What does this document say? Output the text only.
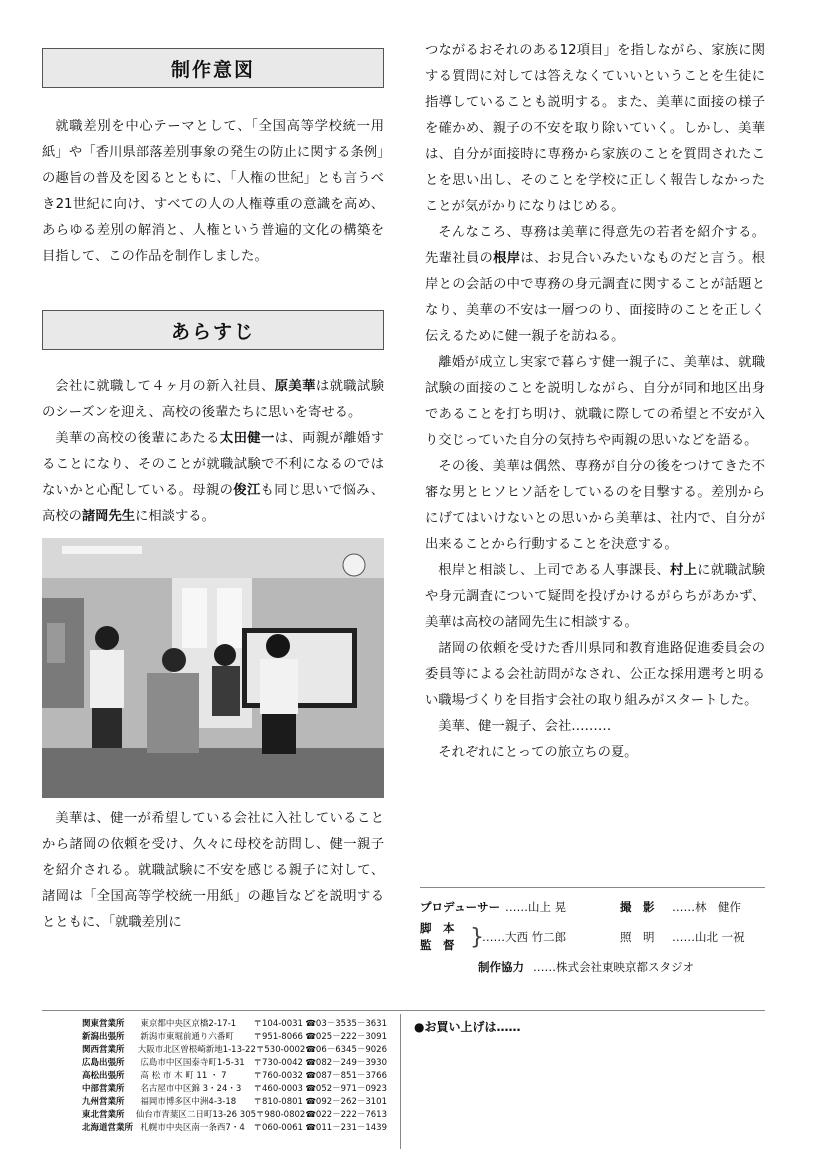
制作意図

就職差別を中心テーマとして、「全国高等学校統一用紙」や「香川県部落差別事象の発生の防止に関する条例」の趣旨の普及を図るとともに、「人権の世紀」とも言うべき21世紀に向け、すべての人の人権尊重の意識を高め、あらゆる差別の解消と、人権という普遍的文化の構築を目指して、この作品を制作しました。

あらすじ

会社に就職して４ヶ月の新入社員、原美華は就職試験のシーズンを迎え、高校の後輩たちに思いを寄せる。

美華の高校の後輩にあたる太田健一は、両親が離婚することになり、そのことが就職試験で不利になるのではないかと心配している。母親の俊江も同じ思いで悩み、高校の諸岡先生に相談する。

美華は、健一が希望している会社に入社していることから諸岡の依頼を受け、久々に母校を訪問し、健一親子を紹介される。就職試験に不安を感じる親子に対して、諸岡は「全国高等学校統一用紙」の趣旨などを説明するとともに、「就職差別に

つながるおそれのある12項目」を指しながら、家族に関する質問に対しては答えなくていいということを生徒に指導していることも説明する。また、美華に面接の様子を確かめ、親子の不安を取り除いていく。しかし、美華は、自分が面接時に専務から家族のことを質問されたことを思い出し、そのことを学校に正しく報告しなかったことが気がかりになりはじめる。

そんなころ、専務は美華に得意先の若者を紹介する。先輩社員の根岸は、お見合いみたいなものだと言う。根岸との会話の中で専務の身元調査に関することが話題となり、美華の不安は一層つのり、面接時のことを正しく伝えるために健一親子を訪ねる。

離婚が成立し実家で暮らす健一親子に、美華は、就職試験の面接のことを説明しながら、自分が同和地区出身であることを打ち明け、就職に際しての希望と不安が入り交じっていた自分の気持ちや両親の思いなどを語る。

その後、美華は偶然、専務が自分の後をつけてきた不審な男とヒソヒソ話をしているのを目撃する。差別からにげてはいけないとの思いから美華は、社内で、自分が出来ることから行動することを決意する。

根岸と相談し、上司である人事課長、村上に就職試験や身元調査について疑問を投げかけるがらちがあかず、美華は高校の諸岡先生に相談する。

諸岡の依頼を受けた香川県同和教育進路促進委員会の委員等による会社訪問がなされ、公正な採用選考と明るい職場づくりを目指す会社の取り組みがスタートした。

美華、健一親子、会社………

それぞれにとっての旅立ちの夏。

プロデューサー ……山上 晃	撮　影	……林　健作
脚　本
監　督 }
……大西 竹二郎	照　明	……山北 一祝
制作協力 ……株式会社東映京都スタジオ
関東営業所	東京都中央区京橋2-17-1	〒104-0031 ☎03－3535－3631
新潟出張所	新潟市東堀前通り六番町	〒951-8066 ☎025－222－3091
関西営業所	大阪市北区曽根崎新地1-13-22 〒530-0002 ☎06－6345－9026
広島出張所	広島市中区国泰寺町1-5-31	〒730-0042 ☎082－249－3930
高松出張所	高 松 市 木 町 11 ・ 7	〒760-0032 ☎087－851－3766
中部営業所	名古屋市中区錦 3・24・3	〒460-0003 ☎052－971－0923
九州営業所	福岡市博多区中洲4-3-18	〒810-0801 ☎092－262－3101
東北営業所	仙台市青葉区二日町13-26 305 〒980-0802 ☎022－222－7613
北海道営業所 札幌市中央区南一条西7・4	〒060-0061 ☎011－231－1439
●お買い上げは……
